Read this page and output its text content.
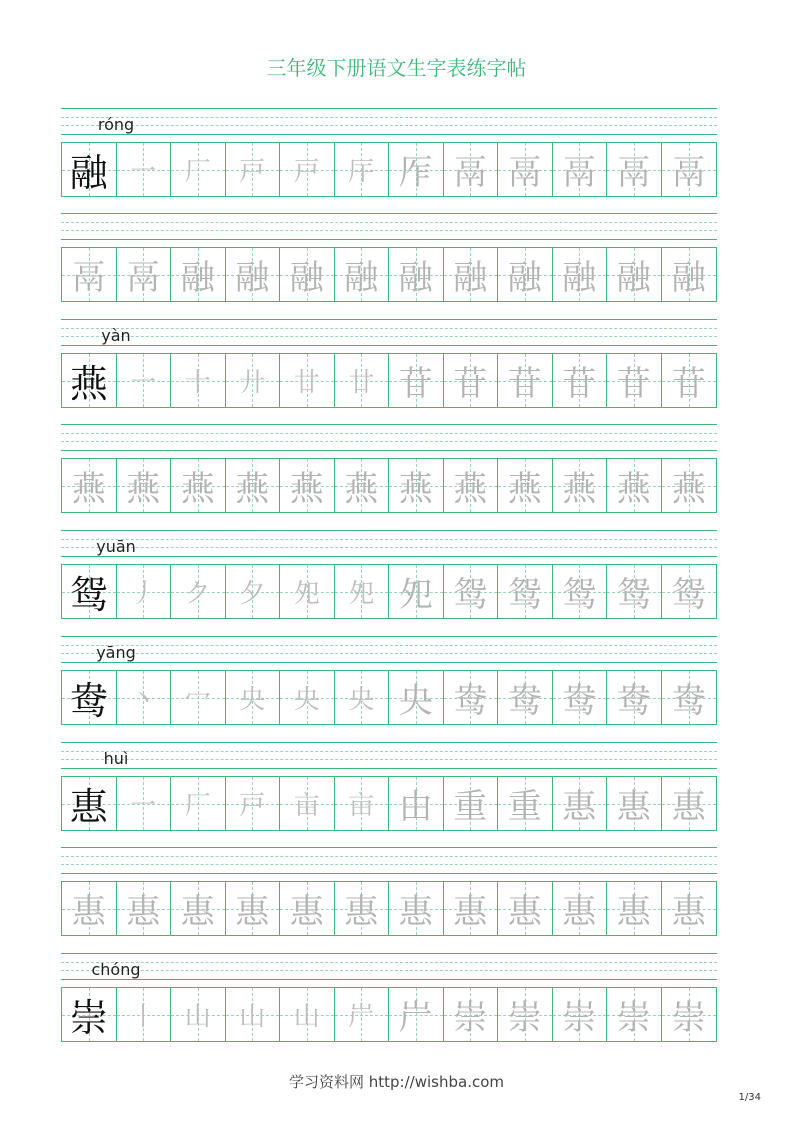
三年级下册语文生字表练字帖
róng
融 一 厂 戸 戸 厈 厏 鬲 鬲 鬲 鬲 鬲
鬲 鬲 融 融 融 融 融 融 融 融 融 融
yàn
燕 一 十 廾 廿 廿 苷 苷 苷 苷 苷 苷
燕 燕 燕 燕 燕 燕 燕 燕 燕 燕 燕 燕
yuān
鸳 丿 ク 夕 夗 夗 夗 鸳 鸳 鸳 鸳 鸳
yāng
鸯 丶 冖 央 央 央 央 鸯 鸯 鸯 鸯 鸯
huì
惠 一 厂 戸 亩 亩 由 重 重 惠 惠 惠
惠 惠 惠 惠 惠 惠 惠 惠 惠 惠 惠 惠
chóng
崇 丨 山 山 山 屵 屵 崇 崇 崇 崇 崇
学习资料网 http://wishba.com
1/34
